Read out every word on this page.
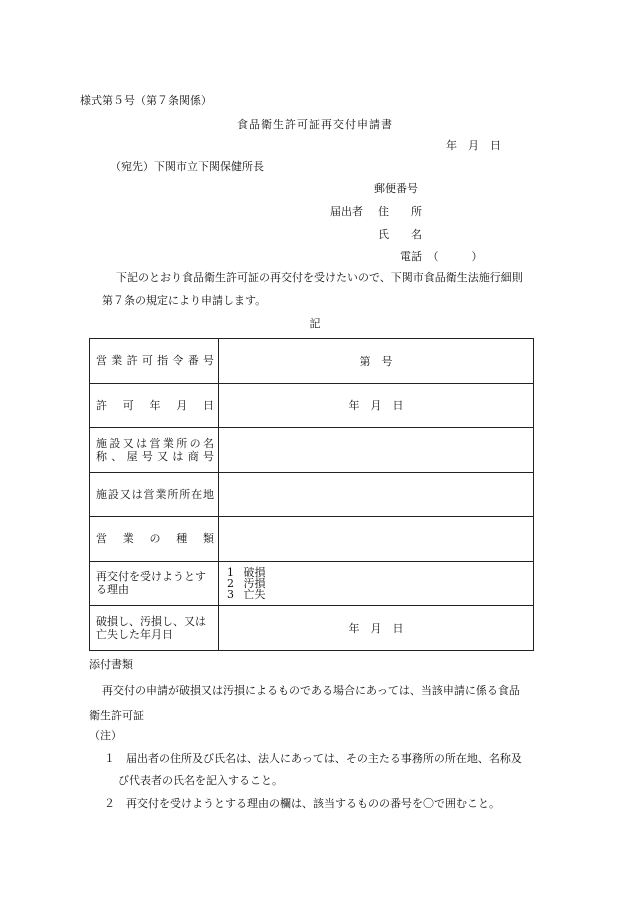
様式第５号（第７条関係）
食品衛生許可証再交付申請書
年　月　日
（宛先）下関市立下関保健所長
郵便番号
届出者 住　　所
氏　　名
電話　（　　　）
下記のとおり食品衛生許可証の再交付を受けたいので、下関市食品衛生法施行細則
第７条の規定により申請します。
記
営業許可指令番号	第　号
許可年月日	年　月　日
施設又は営業所の名称、屋号又は商号	
施設又は営業所所在地	
営業の種類	
再交付を受けようとする理由	1 破損
2 汚損
3 亡失

破損し、汚損し、又は亡失した年月日	年　月　日
添付書類
再交付の申請が破損又は汚損によるものである場合にあっては、当該申請に係る食品
衛生許可証
（注）
１　届出者の住所及び氏名は、法人にあっては、その主たる事務所の所在地、名称及
び代表者の氏名を記入すること。
２　再交付を受けようとする理由の欄は、該当するものの番号を〇で囲むこと。
